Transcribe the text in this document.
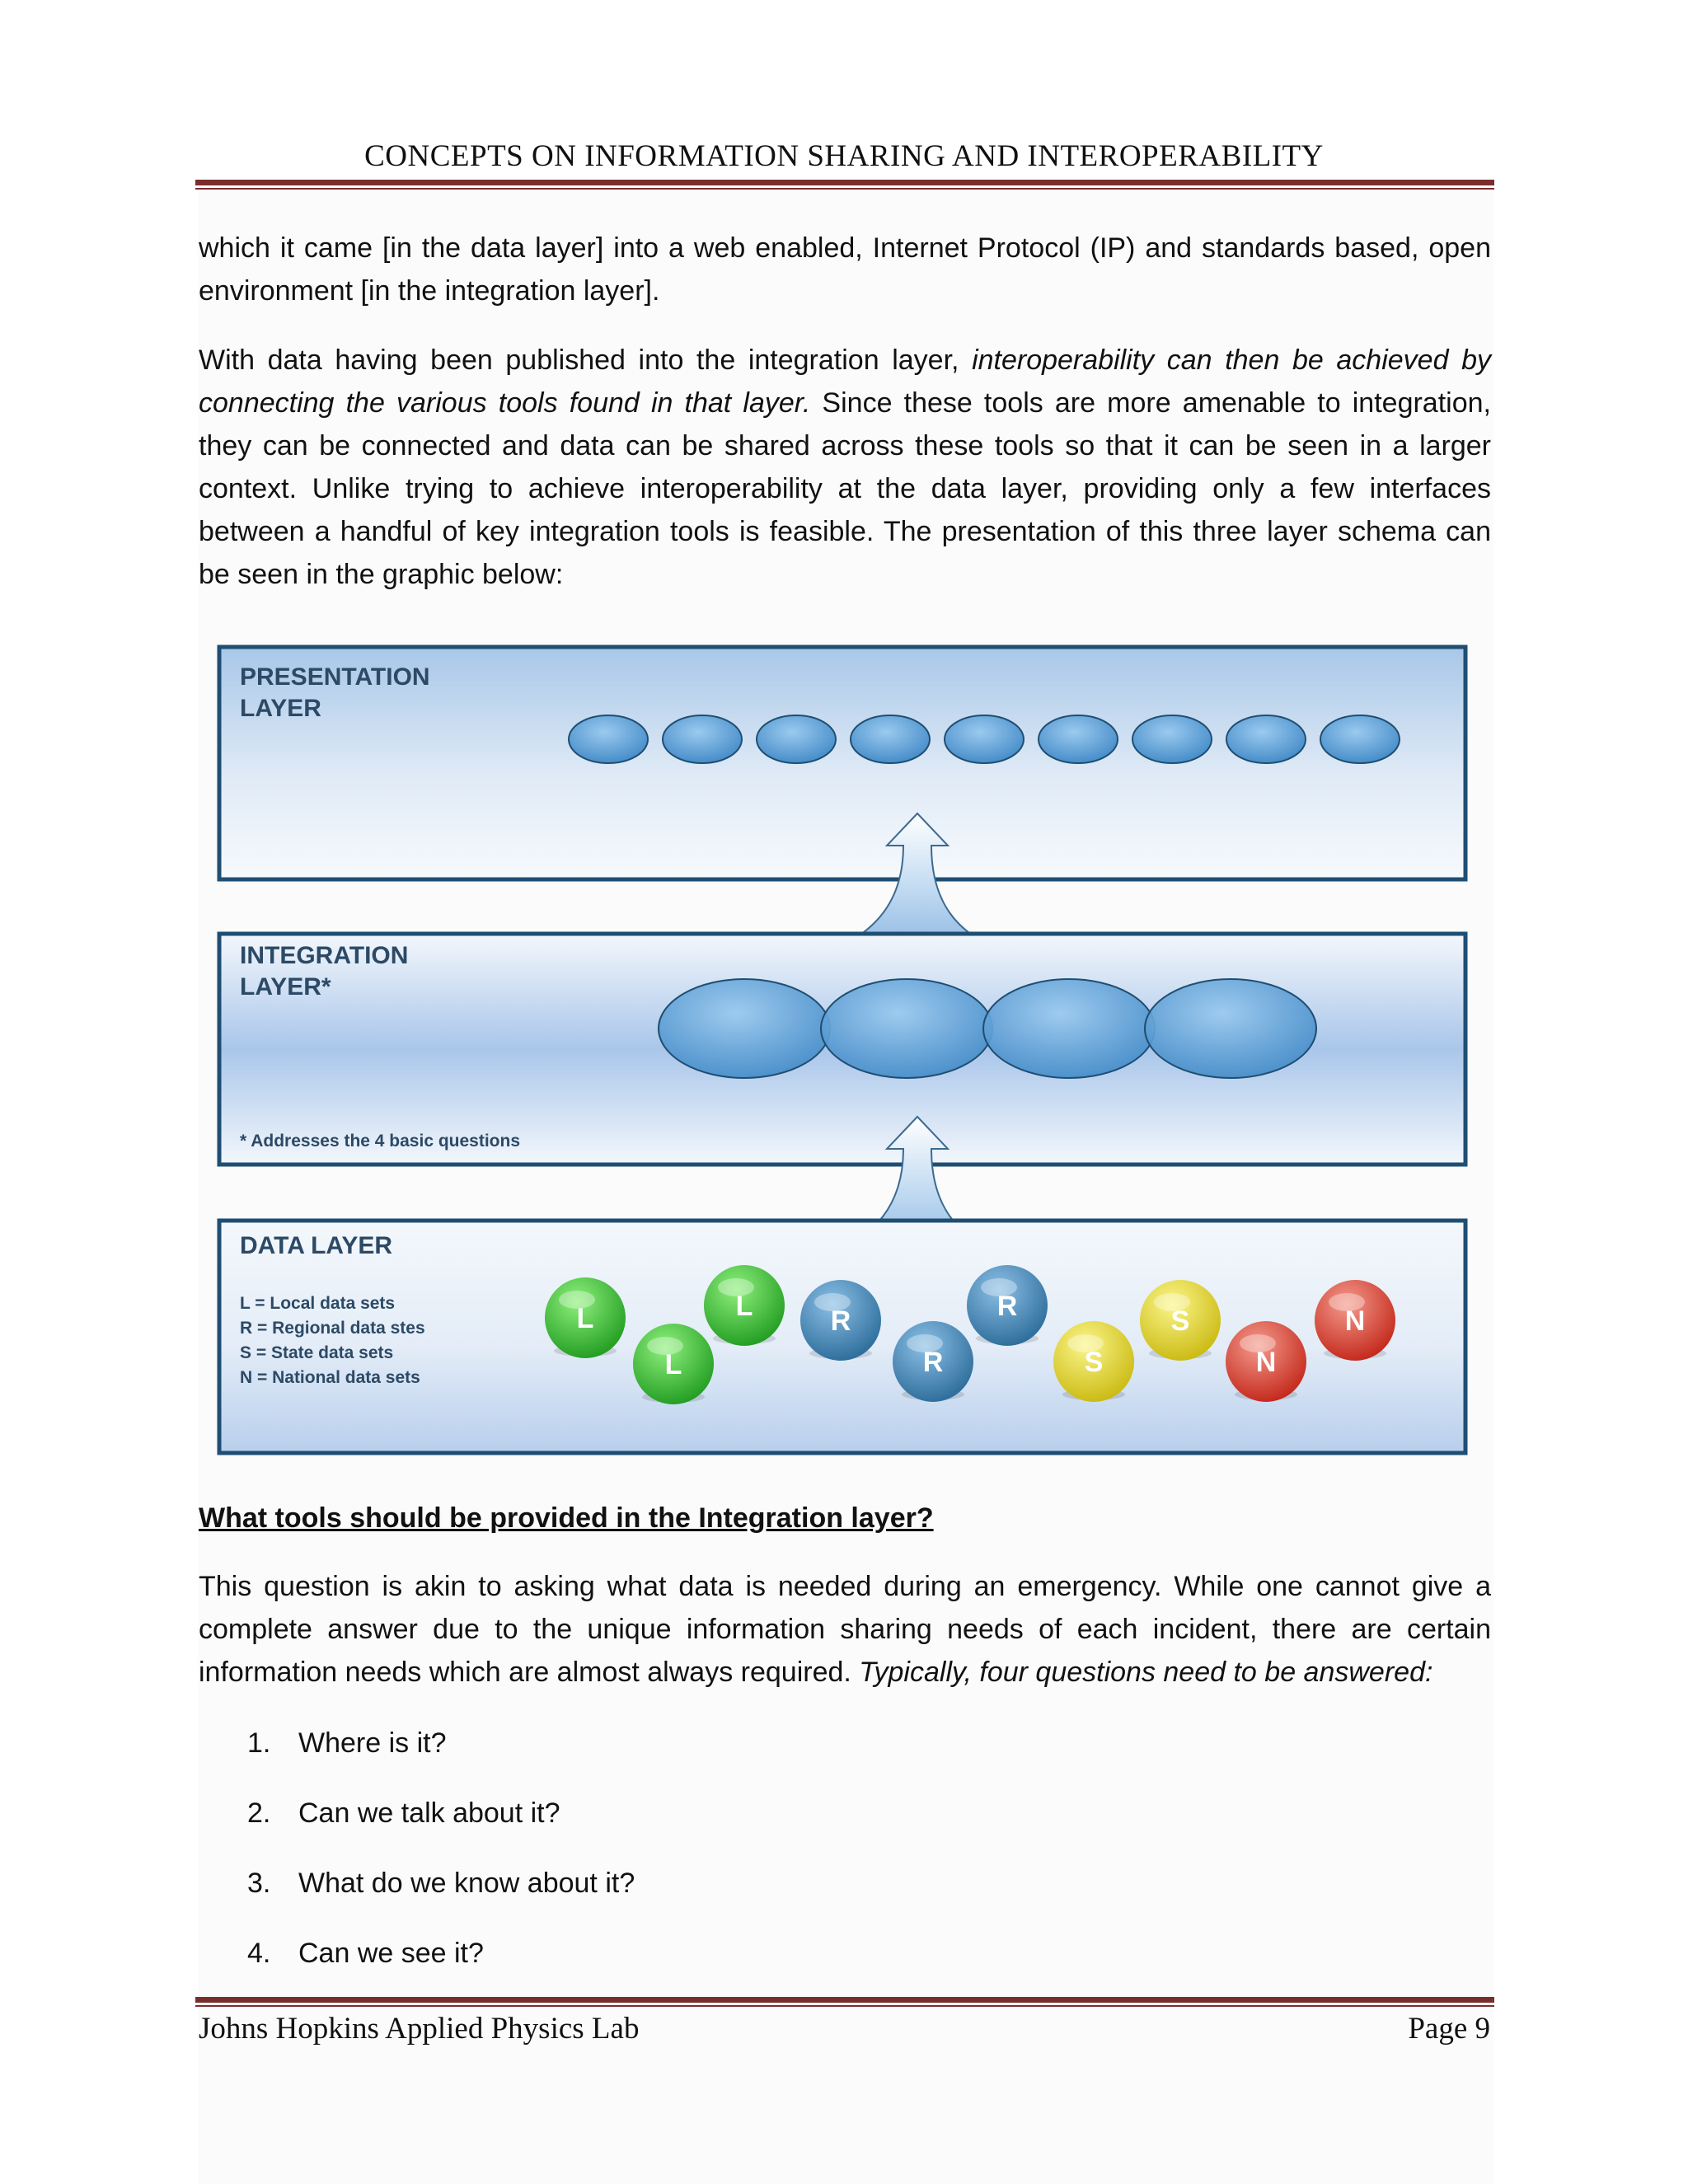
CONCEPTS ON INFORMATION SHARING AND INTEROPERABILITY

which it came [in the data layer] into a web enabled, Internet Protocol (IP) and standards based, open environment [in the integration layer].

With data having been published into the integration layer, interoperability can then be achieved by connecting the various tools found in that layer. Since these tools are more amenable to integration, they can be connected and data can be shared across these tools so that it can be seen in a larger context. Unlike trying to achieve interoperability at the data layer, providing only a few interfaces between a handful of key integration tools is feasible. The presentation of this three layer schema can be seen in the graphic below:

PRESENTATION
LAYER
INTEGRATION
LAYER*
* Addresses the 4 basic questions
DATA LAYER
L = Local data sets
R = Regional data stes
S = State data sets
N = National data sets
L
L
L	R
R
R
S
S
N
N

What tools should be provided in the Integration layer?

This question is akin to asking what data is needed during an emergency. While one cannot give a complete answer due to the unique information sharing needs of each incident, there are certain information needs which are almost always required. Typically, four questions need to be answered:

1. Where is it?
2. Can we talk about it?
3. What do we know about it?
4. Can we see it?
Johns Hopkins Applied Physics Lab	Page 9
